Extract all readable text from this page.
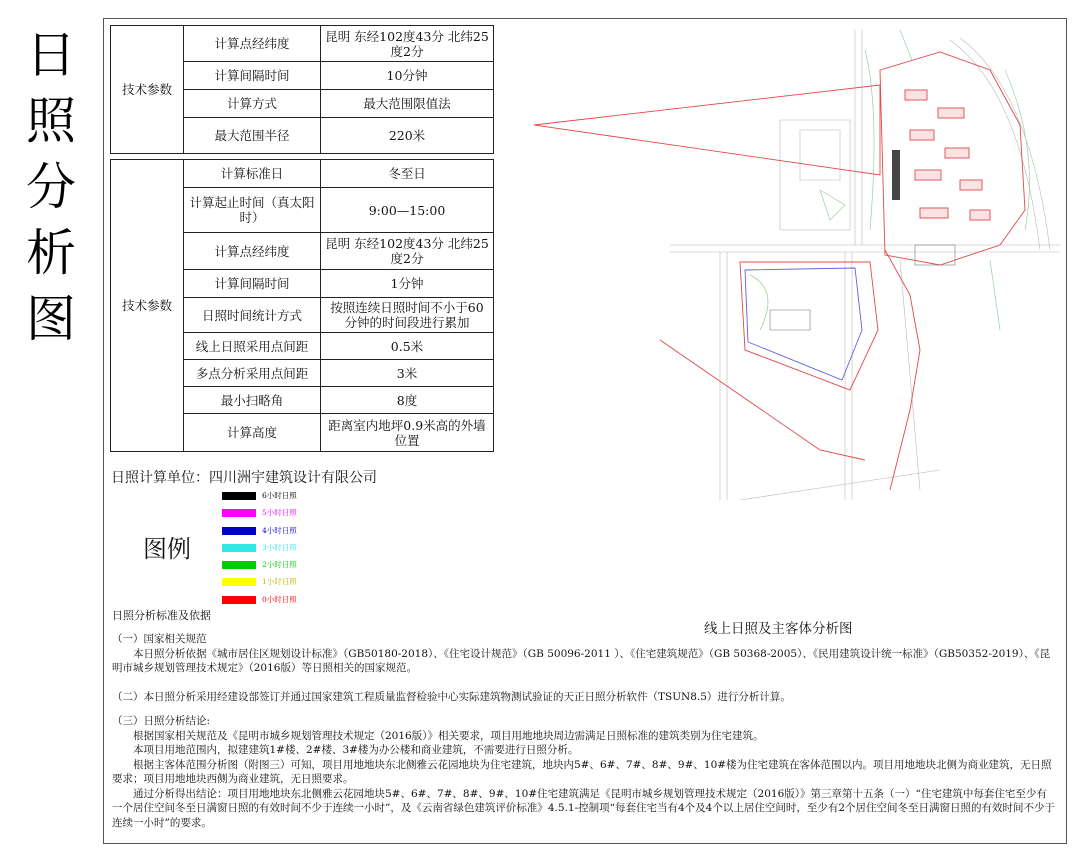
日
照
分
析
图
技术参数	计算点经纬度	昆明 东经102度43分 北纬25度2分
	计算间隔时间	10分钟
	计算方式	最大范围限值法
	最大范围半径	220米
技术参数	计算标准日	冬至日
	计算起止时间（真太阳时）	9:00—15:00
	计算点经纬度	昆明 东经102度43分 北纬25度2分
	计算间隔时间	1分钟
	日照时间统计方式	按照连续日照时间不小于60分钟的时间段进行累加
	线上日照采用点间距	0.5米
	多点分析采用点间距	3米
	最小扫略角	8度
	计算高度	距离室内地坪0.9米高的外墙位置
日照计算单位：四川洲宇建筑设计有限公司
图例
6小时日照
5小时日照
4小时日照
3小时日照
2小时日照
1小时日照
0小时日照
日照分析标准及依据
线上日照及主客体分析图

（一）国家相关规范

本日照分析依据《城市居住区规划设计标准》（GB50180-2018）、《住宅设计规范》（GB 50096-2011 ）、《住宅建筑规范》（GB 50368-2005）、《民用建筑设计统一标准》（GB50352-2019）、《昆明市城乡规划管理技术规定》（2016版）等日照相关的国家规范。

（二）本日照分析采用经建设部签订并通过国家建筑工程质量监督检验中心实际建筑物测试验证的天正日照分析软件（TSUN8.5）进行分析计算。

（三）日照分析结论:

根据国家相关规范及《昆明市城乡规划管理技术规定（2016版）》相关要求，项目用地地块周边需满足日照标准的建筑类别为住宅建筑。

本项目用地范围内，拟建建筑1#楼、2#楼、3#楼为办公楼和商业建筑，不需要进行日照分析。

根据主客体范围分析图（附图三）可知，项目用地地块东北侧雅云花园地块为住宅建筑，地块内5#、6#、7#、8#、9#、10#楼为住宅建筑在客体范围以内。项目用地地块北侧为商业建筑，无日照要求；项目用地地块西侧为商业建筑，无日照要求。

通过分析得出结论：项目用地地块东北侧雅云花园地块5#、6#、7#、8#、9#、10#住宅建筑满足《昆明市城乡规划管理技术规定（2016版）》第三章第十五条（一）“住宅建筑中每套住宅至少有一个居住空间冬至日满窗日照的有效时间不少于连续一小时”，及《云南省绿色建筑评价标准》4.5.1-控制项“每套住宅当有4个及4个以上居住空间时，至少有2个居住空间冬至日满窗日照的有效时间不少于连续一小时”的要求。
